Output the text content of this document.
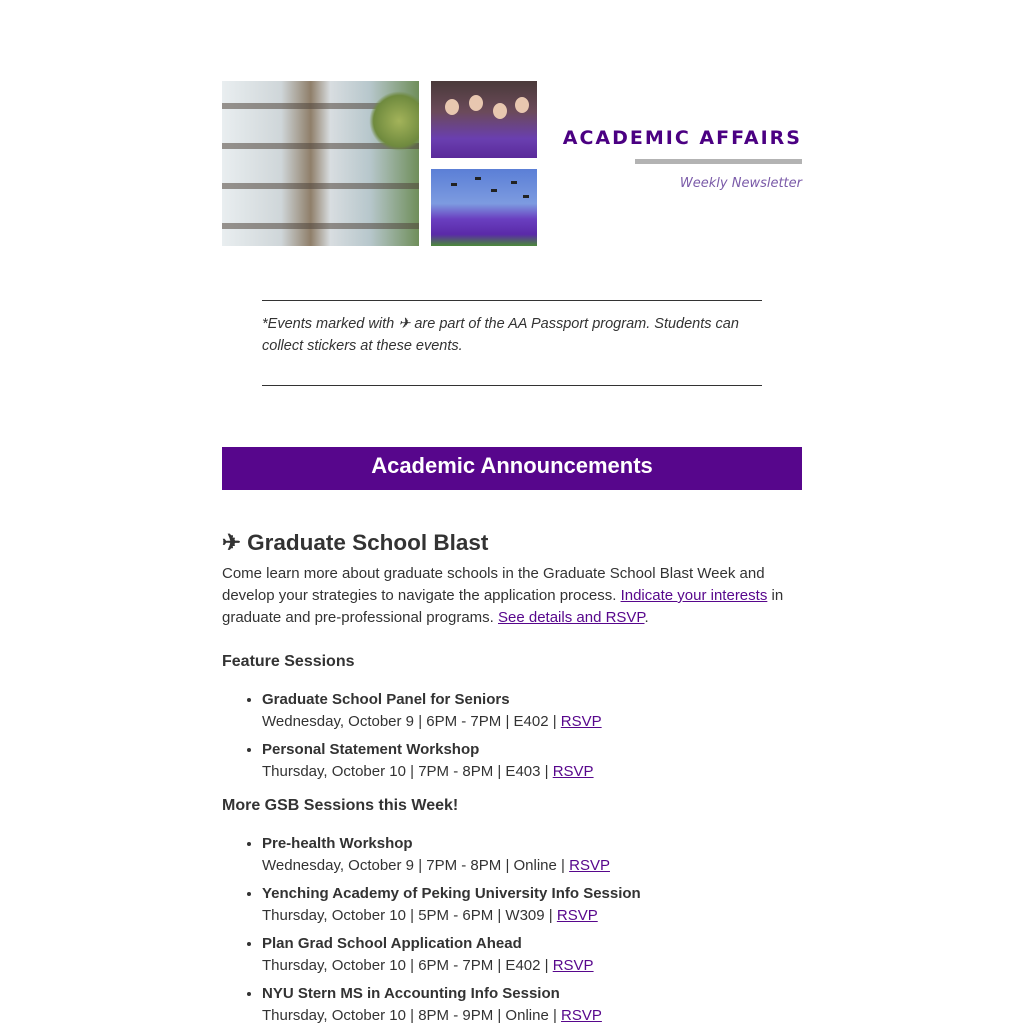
ACADEMIC AFFAIRS
Weekly Newsletter

*Events marked with ✈ are part of the AA Passport program. Students can collect stickers at these events.

Academic Announcements
✈ Graduate School Blast

Come learn more about graduate schools in the Graduate School Blast Week and develop your strategies to navigate the application process. Indicate your interests in graduate and pre-professional programs. See details and RSVP.

Feature Sessions
• Graduate School Panel for Seniors
Wednesday, October 9 | 6PM - 7PM | E402 | RSVP
• Personal Statement Workshop
Thursday, October 10 | 7PM - 8PM | E403 | RSVP
More GSB Sessions this Week!
• Pre-health Workshop
Wednesday, October 9 | 7PM - 8PM | Online | RSVP
• Yenching Academy of Peking University Info Session
Thursday, October 10 | 5PM - 6PM | W309 | RSVP
• Plan Grad School Application Ahead
Thursday, October 10 | 6PM - 7PM | E402 | RSVP
• NYU Stern MS in Accounting Info Session
Thursday, October 10 | 8PM - 9PM | Online | RSVP
